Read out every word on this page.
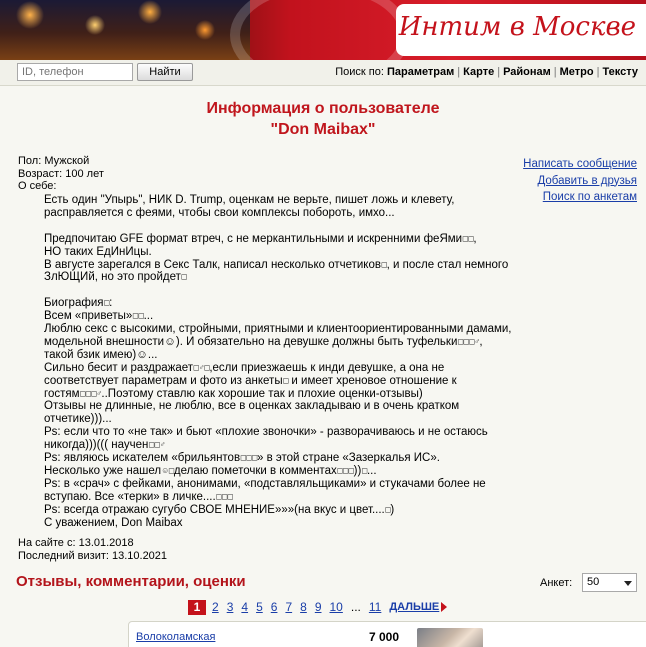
Интим в Москве
ID, телефон
Найти	Поиск по: Параметрам | Карте | Районам | Метро | Тексту
Информация о пользователе
"Don Maibax"
Написать сообщение
Добавить в друзья
Поиск по анкетам
Пол: Мужской
Возраст: 100 лет
О себе:

Есть один "Упырь", НИК D. Trump, оценкам не верьте, пишет ложь и клевету, расправляется с феями, чтобы свои комплексы побороть, имхо...

Предпочитаю GFE формат втреч, с не меркантильными и искренними феЯми◻◻,

НО таких ЕдИнИцы.

В августе зарегался в Секс Талк, написал несколько отчетиков◻, и после стал немного ЗлЮЩИй, но это пройдет◻

Биография◻:

Всем «приветы»◻◻...

Люблю секс с высокими, стройными, приятными и клиентоориентированными дамами, модельной внешности☺). И обязательно на девушке должны быть туфельки◻◻◻♂, такой бзик имею)☺...

Сильно бесит и раздражает◻♂◻,если приезжаешь к инди девушке, а она не соответствует параметрам и фото из анкеты◻ и имеет хреновое отношение к гостям◻◻◻♂..Поэтому ставлю как хорошие так и плохие оценки-отзывы)

Отзывы не длинные, не люблю, все в оценках закладываю и в очень кратком отчетике)))...

Ps: если что то «не так» и бьют «плохие звоночки» - разворачиваюсь и не остаюсь никогда)))((( научен◻◻♂

Ps: являюсь искателем «брильянтов◻◻◻» в этой стране «Зазеркалья ИС».

Несколько уже нашел☺◻делаю пометочки в комментах◻◻◻))◻...

Ps: в «срач» с фейками, анонимами, «подставляльщиками» и стукачами более не вступаю. Все «терки» в личке....◻◻◻

Ps: всегда отражаю сугубо СВОЕ МНЕНИЕ»»»(на вкус и цвет....◻)

С уважением, Don Maibax

На сайте с: 13.01.2018
Последний визит: 13.10.2021
Отзывы, комментарии, оценки	Анкет:	50
1 2 3 4 5 6 7 8 9 10 ... 11 ДАЛЬШЕ
Волоколамская	7 000
